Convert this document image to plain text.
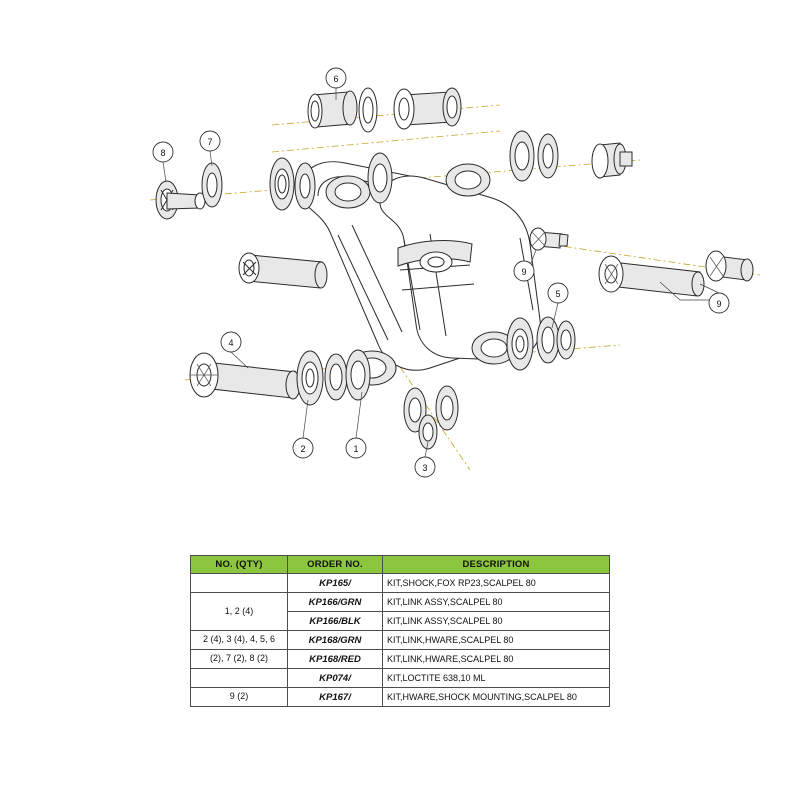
6
7
8
4
2	1
3
5
9
9
NO. (QTY)	ORDER NO.	DESCRIPTION
	KP165/	KIT,SHOCK,FOX RP23,SCALPEL 80
1, 2 (4)	KP166/GRN	KIT,LINK ASSY,SCALPEL 80
	KP166/BLK	KIT,LINK ASSY,SCALPEL 80
2 (4), 3 (4), 4, 5, 6	KP168/GRN	KIT,LINK,HWARE,SCALPEL 80
(2), 7 (2), 8 (2)	KP168/RED	KIT,LINK,HWARE,SCALPEL 80
	KP074/	KIT,LOCTITE 638,10 ML
9 (2)	KP167/	KIT,HWARE,SHOCK MOUNTING,SCALPEL 80
